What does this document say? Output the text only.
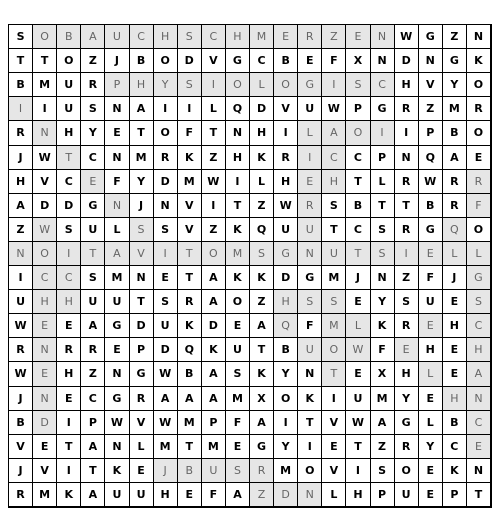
S	O	B	A	U	C	H	S	C	H	M	E	R	Z	E	N	W	G	Z	N
T	T	O	Z	J	B	O	D	V	G	C	B	E	F	X	N	D	N	G	K
B	M	U	R	P	H	Y	S	I	O	L	O	G	I	S	C	H	V	Y	O
I	I	U	S	N	A	I	I	L	Q	D	V	U	W	P	G	R	Z	M	R
R	N	H	Y	E	T	O	F	T	N	H	I	L	A	O	I	I	P	B	O
J	W	T	C	N	M	R	K	Z	H	K	R	I	C	C	P	N	Q	A	E
H	V	C	E	F	Y	D	M	W	I	L	H	E	H	T	L	R	W	R	R
A	D	D	G	N	J	N	V	I	T	Z	W	R	S	B	T	T	B	R	F
Z	W	S	U	L	S	S	V	Z	K	Q	U	U	T	C	S	R	G	Q	O
N	O	I	T	A	V	I	T	O	M	S	G	N	U	T	S	I	E	L	L
I	C	C	S	M	N	E	T	A	K	K	D	G	M	J	N	Z	F	J	G
U	H	H	U	U	T	S	R	A	O	Z	H	S	S	E	Y	S	U	E	S
W	E	E	A	G	D	U	K	D	E	A	Q	F	M	L	K	R	E	H	C
R	N	R	R	E	P	D	Q	K	U	T	B	U	O	W	F	E	H	E	H
W	E	H	Z	N	G	W	B	A	S	K	Y	N	T	E	X	H	L	E	A
J	N	E	C	G	R	A	A	A	M	X	O	K	I	U	M	Y	E	H	N
B	D	I	P	W	V	W	M	P	F	A	I	T	V	W	A	G	L	B	C
V	E	T	A	N	L	M	T	M	E	G	Y	I	E	T	Z	R	Y	C	E
J	V	I	T	K	E	J	B	U	S	R	M	O	V	I	S	O	E	K	N
R	M	K	A	U	U	H	E	F	A	Z	D	N	L	H	P	U	E	P	T
